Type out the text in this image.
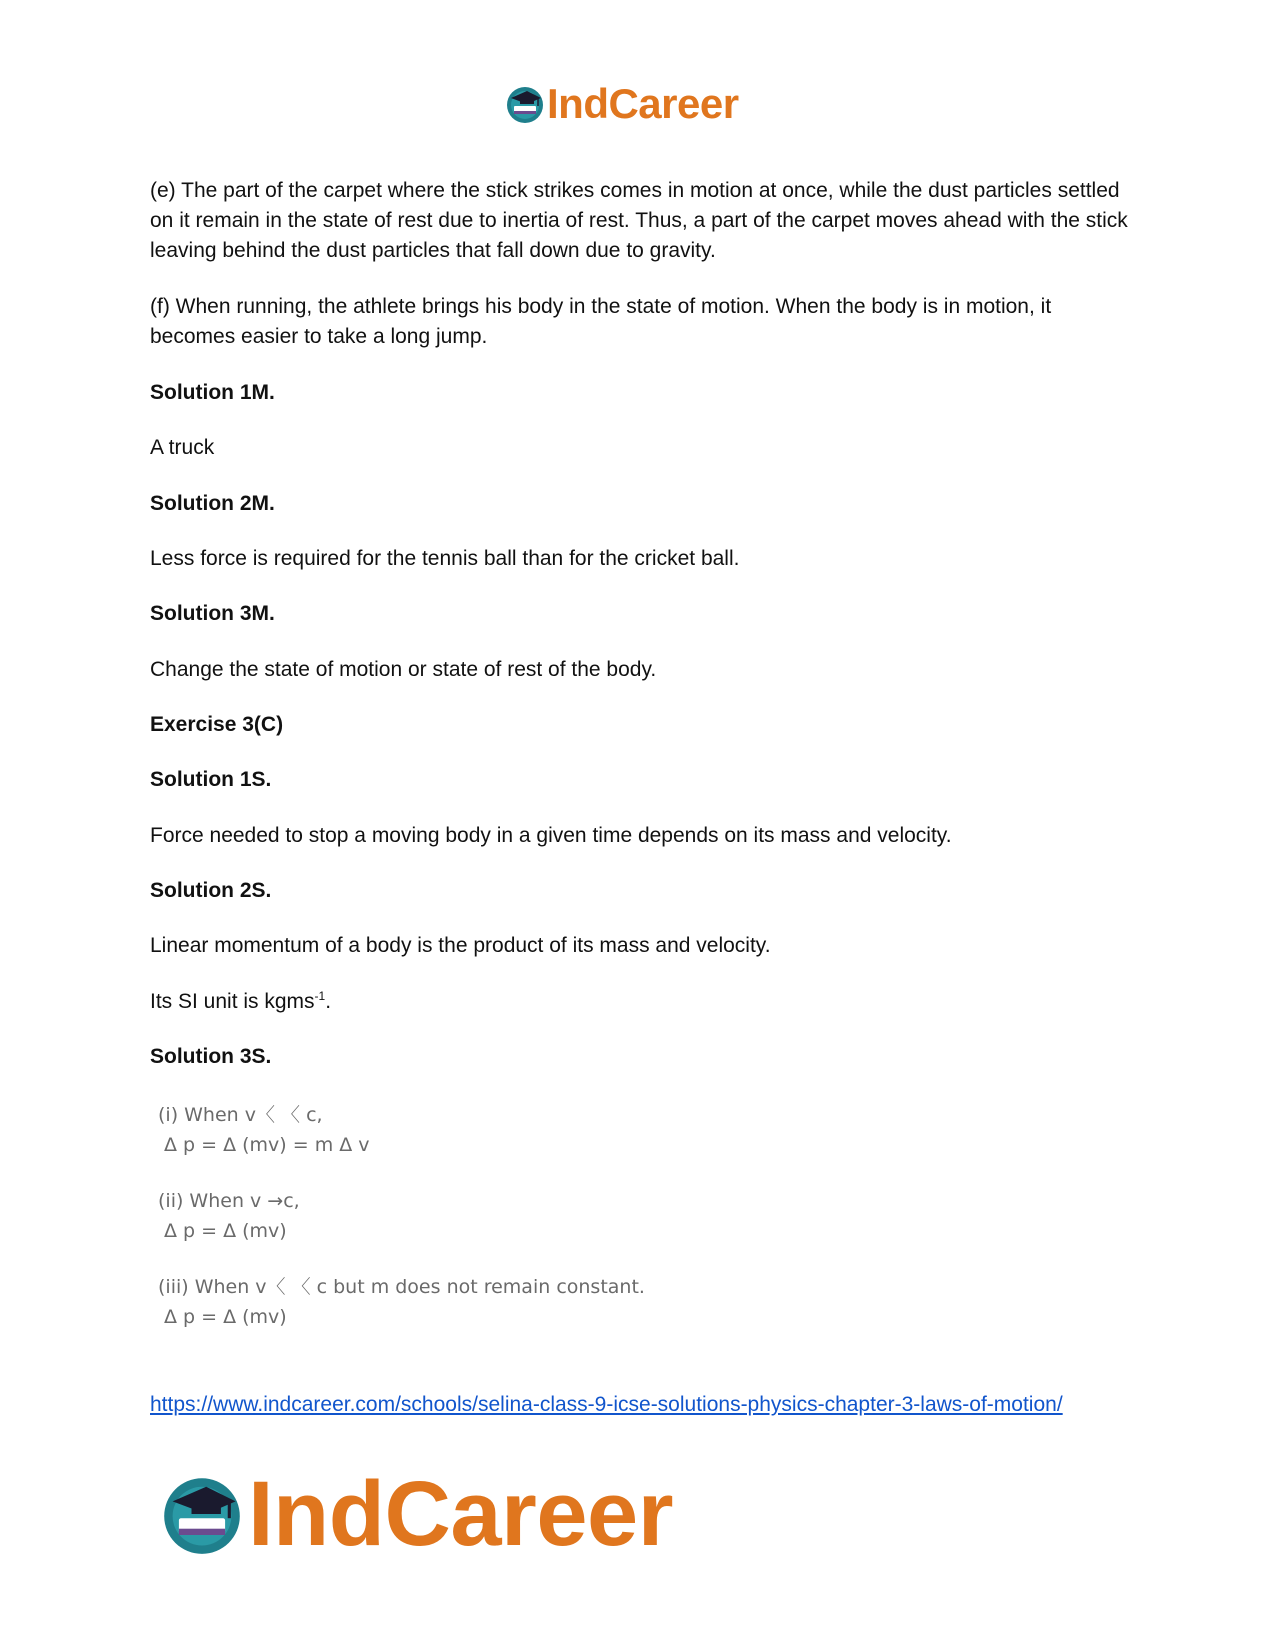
IndCareer

(e) The part of the carpet where the stick strikes comes in motion at once, while the dust particles settled on it remain in the state of rest due to inertia of rest. Thus, a part of the carpet moves ahead with the stick leaving behind the dust particles that fall down due to gravity.

(f) When running, the athlete brings his body in the state of motion. When the body is in motion, it becomes easier to take a long jump.

Solution 1M.

A truck

Solution 2M.

Less force is required for the tennis ball than for the cricket ball.

Solution 3M.

Change the state of motion or state of rest of the body.

Exercise 3(C)

Solution 1S.

Force needed to stop a moving body in a given time depends on its mass and velocity.

Solution 2S.

Linear momentum of a body is the product of its mass and velocity.

Its SI unit is kgms$^{-1}$.

Solution 3S.

(i) When v〈 〈 c,
Δ p = Δ (mv) = m Δ v
(ii) When v →c,
Δ p = Δ (mv)
(iii) When v〈 〈 c but m does not remain constant.
Δ p = Δ (mv)
https://www.indcareer.com/schools/selina-class-9-icse-solutions-physics-chapter-3-laws-of-motion/
IndCareer
